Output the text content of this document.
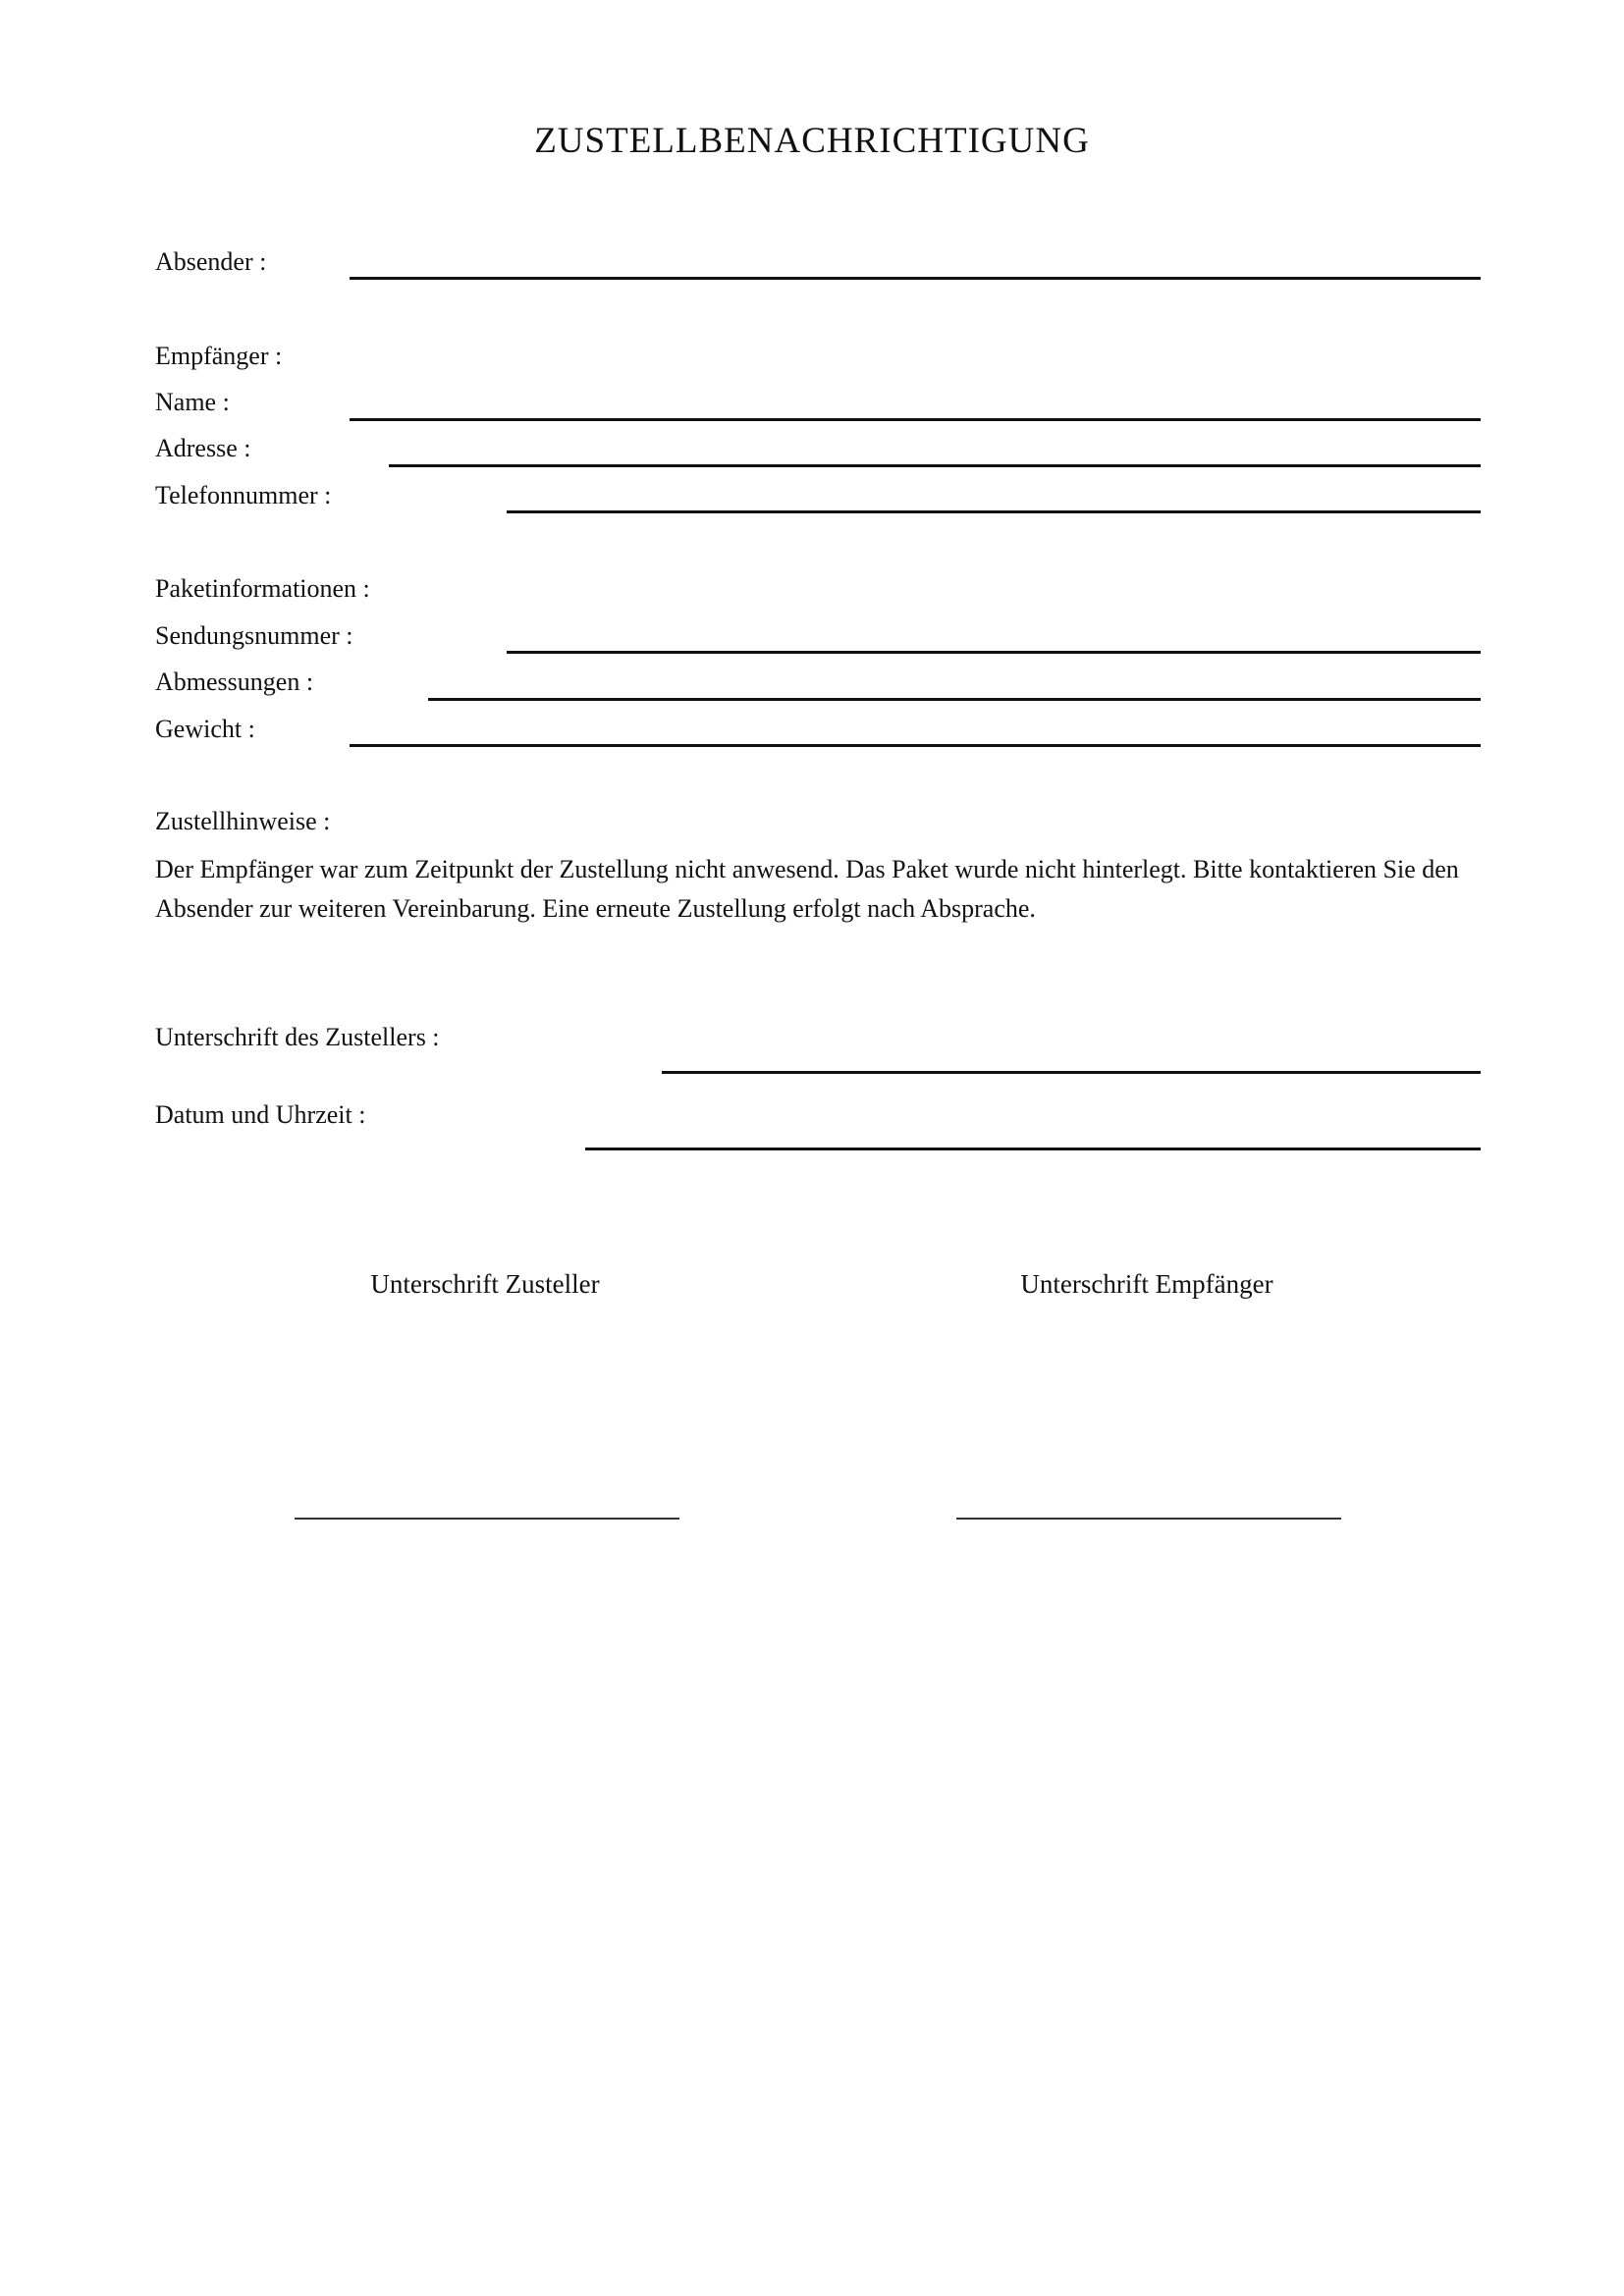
ZUSTELLBENACHRICHTIGUNG
Absender :
Empfänger :
Name :
Adresse :
Telefonnummer :
Paketinformationen :
Sendungsnummer :
Abmessungen :
Gewicht :
Zustellhinweise :
Der Empfänger war zum Zeitpunkt der Zustellung nicht anwesend. Das Paket wurde nicht hinterlegt. Bitte kontaktieren Sie den Absender zur weiteren Vereinbarung. Eine erneute Zustellung erfolgt nach Absprache.
Unterschrift des Zustellers :
Datum und Uhrzeit :
Unterschrift Zusteller	Unterschrift Empfänger
